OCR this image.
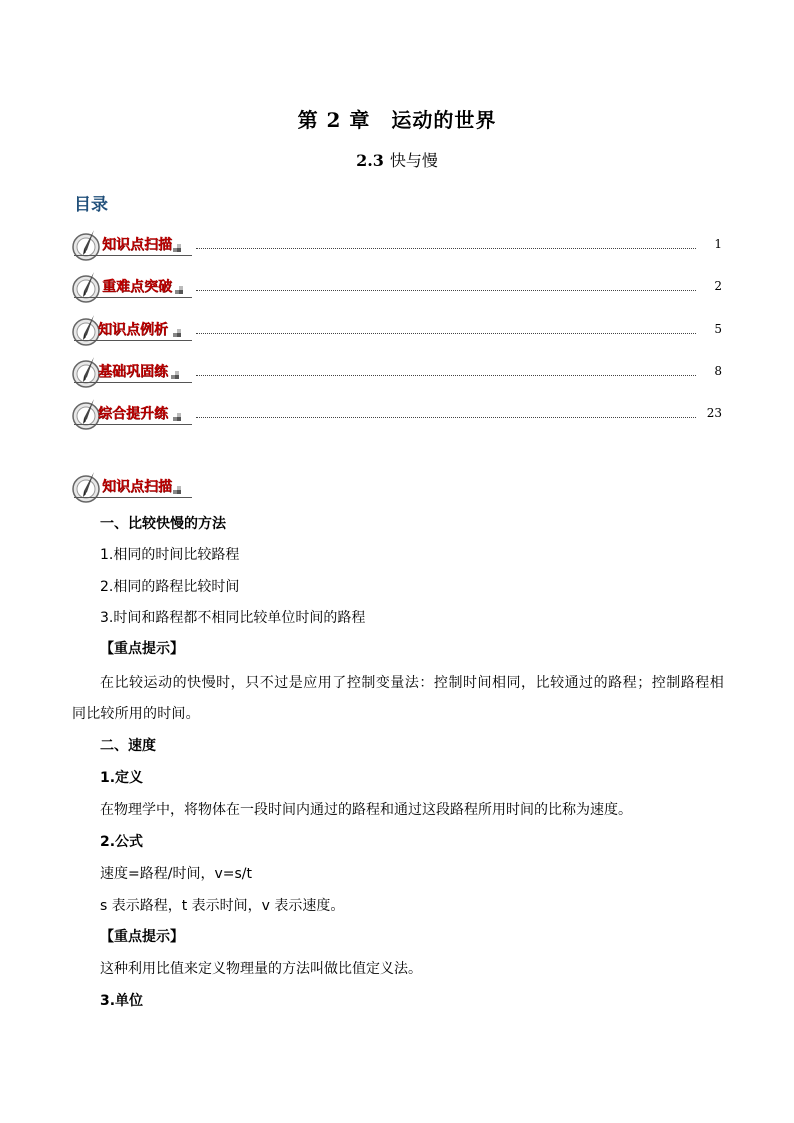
第 2 章　运动的世界
2.3 快与慢
目录
知识点扫描	1
重难点突破	2
知识点例析	5
基础巩固练	8
综合提升练	23
知识点扫描
一、比较快慢的方法
1.相同的时间比较路程
2.相同的路程比较时间
3.时间和路程都不相同比较单位时间的路程
【重点提示】
在比较运动的快慢时，只不过是应用了控制变量法：控制时间相同，比较通过的路程；控制路程相同比较所用的时间。
二、速度
1.定义
在物理学中，将物体在一段时间内通过的路程和通过这段路程所用时间的比称为速度。
2.公式
速度=路程/时间，v=s/t
s 表示路程，t 表示时间，v 表示速度。
【重点提示】
这种利用比值来定义物理量的方法叫做比值定义法。
3.单位
